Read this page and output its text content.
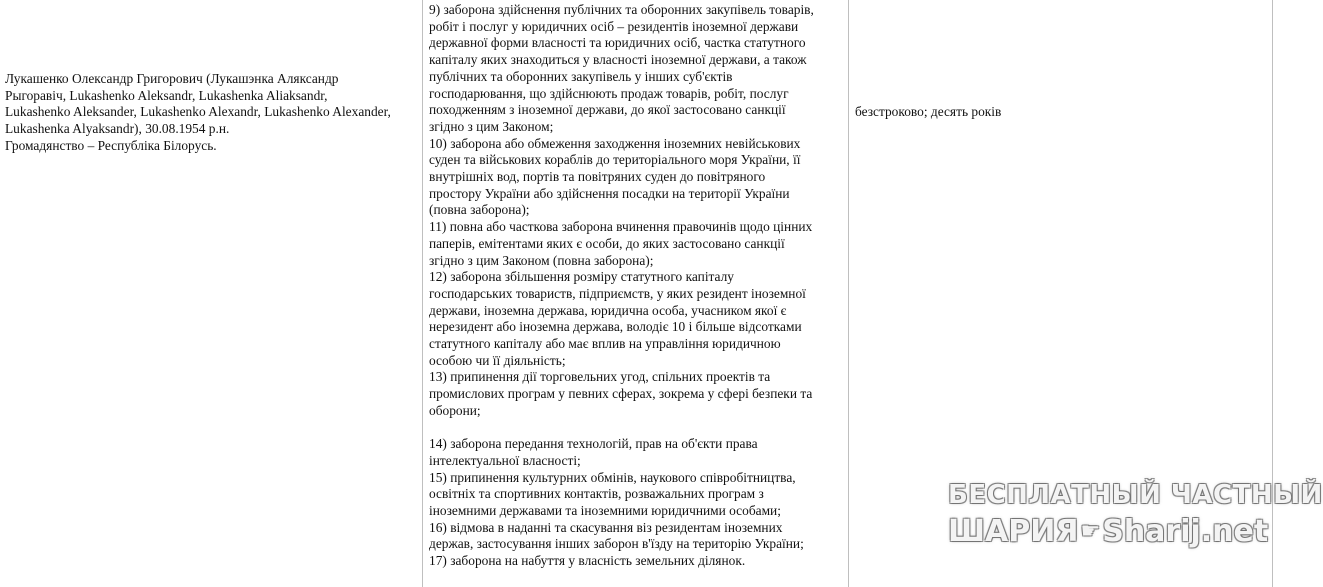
Лукашенко Олександр Григорович (Лукашэнка Аляксандр
Рыгоравіч, Lukashenko Aleksandr, Lukashenka Aliaksandr,
Lukashenko Aleksander, Lukashenko Alexandr, Lukashenko Alexander,
Lukashenka Alyaksandr), 30.08.1954 р.н.
Громадянство – Республіка Білорусь.
9) заборона здійснення публічних та оборонних закупівель товарів,
робіт і послуг у юридичних осіб – резидентів іноземної держави
державної форми власності та юридичних осіб, частка статутного
капіталу яких знаходиться у власності іноземної держави, а також
публічних та оборонних закупівель у інших суб'єктів
господарювання, що здійснюють продаж товарів, робіт, послуг
походженням з іноземної держави, до якої застосовано санкції
згідно з цим Законом;
10) заборона або обмеження заходження іноземних невійськових
суден та військових кораблів до територіального моря України, її
внутрішніх вод, портів та повітряних суден до повітряного
простору України або здійснення посадки на території України
(повна заборона);
11) повна або часткова заборона вчинення правочинів щодо цінних
паперів, емітентами яких є особи, до яких застосовано санкції
згідно з цим Законом (повна заборона);
12) заборона збільшення розміру статутного капіталу
господарських товариств, підприємств, у яких резидент іноземної
держави, іноземна держава, юридична особа, учасником якої є
нерезидент або іноземна держава, володіє 10 і більше відсотками
статутного капіталу або має вплив на управління юридичною
особою чи її діяльність;
13) припинення дії торговельних угод, спільних проектів та
промислових програм у певних сферах, зокрема у сфері безпеки та
оборони;
14) заборона передання технологій, прав на об'єкти права
інтелектуальної власності;
15) припинення культурних обмінів, наукового співробітництва,
освітніх та спортивних контактів, розважальних програм з
іноземними державами та іноземними юридичними особами;
16) відмова в наданні та скасування віз резидентам іноземних
держав, застосування інших заборон в'їзду на територію України;
17) заборона на набуття у власність земельних ділянок.
безстроково; десять років
БЕСПЛАТНЫЙ ЧАСТНЫЙ
ШАРИЯ☛Sharij.net
